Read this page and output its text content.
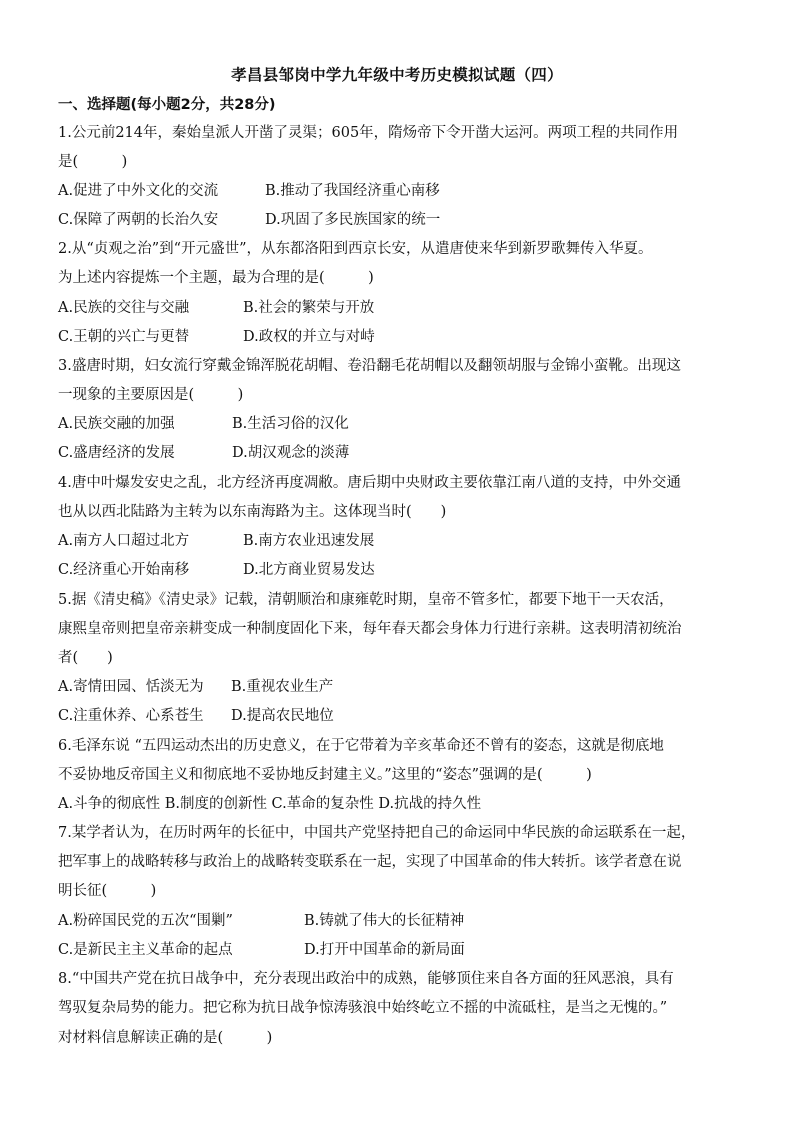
孝昌县邹岗中学九年级中考历史模拟试题（四）
一、选择题(每小题2分，共28分)
1.公元前214年，秦始皇派人开凿了灵渠；605年，隋炀帝下令开凿大运河。两项工程的共同作用
是(　　　)
A.促进了中外文化的交流	B.推动了我国经济重心南移
C.保障了两朝的长治久安	D.巩固了多民族国家的统一
2.从“贞观之治”到“开元盛世”，从东都洛阳到西京长安，从遣唐使来华到新罗歌舞传入华夏。
为上述内容提炼一个主题，最为合理的是(　　　)
A.民族的交往与交融	B.社会的繁荣与开放
C.王朝的兴亡与更替	D.政权的并立与对峙
3.盛唐时期，妇女流行穿戴金锦浑脱花胡帽、卷沿翻毛花胡帽以及翻领胡服与金锦小蛮靴。出现这
一现象的主要原因是(　　　)
A.民族交融的加强	B.生活习俗的汉化
C.盛唐经济的发展	D.胡汉观念的淡薄
4.唐中叶爆发安史之乱，北方经济再度凋敝。唐后期中央财政主要依靠江南八道的支持，中外交通
也从以西北陆路为主转为以东南海路为主。这体现当时(　　)
A.南方人口超过北方	B.南方农业迅速发展
C.经济重心开始南移	D.北方商业贸易发达
5.据《清史稿》《清史录》记载，清朝顺治和康雍乾时期，皇帝不管多忙，都要下地干一天农活，
康熙皇帝则把皇帝亲耕变成一种制度固化下来，每年春天都会身体力行进行亲耕。这表明清初统治
者(　　)
A.寄情田园、恬淡无为 B.重视农业生产
C.注重休养、心系苍生 D.提高农民地位
6.毛泽东说 “五四运动杰出的历史意义，在于它带着为辛亥革命还不曾有的姿态，这就是彻底地
不妥协地反帝国主义和彻底地不妥协地反封建主义。”这里的“姿态”强调的是(　　　)
A.斗争的彻底性 B.制度的创新性 C.革命的复杂性 D.抗战的持久性
7.某学者认为，在历时两年的长征中，中国共产党坚持把自己的命运同中华民族的命运联系在一起，
把军事上的战略转移与政治上的战略转变联系在一起，实现了中国革命的伟大转折。该学者意在说
明长征(　　　)
A.粉碎国民党的五次“围剿”	B.铸就了伟大的长征精神
C.是新民主主义革命的起点	D.打开中国革命的新局面
8.“中国共产党在抗日战争中，充分表现出政治中的成熟，能够顶住来自各方面的狂风恶浪，具有
驾驭复杂局势的能力。把它称为抗日战争惊涛骇浪中始终屹立不摇的中流砥柱，是当之无愧的。”
对材料信息解读正确的是(　　　)
